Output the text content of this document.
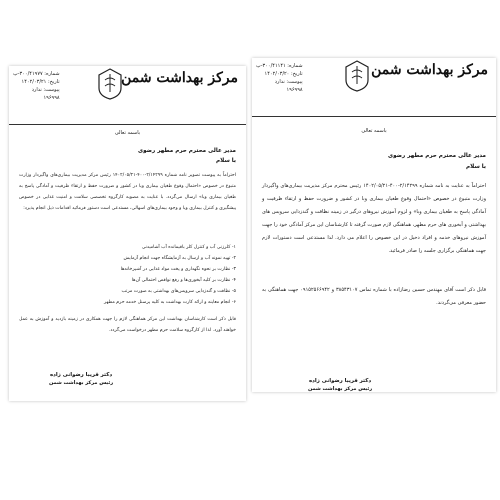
مرکز بهداشت شمن
شماره: ۳۰۰/۴۱۱۴۱-پ
تاریخ: ۱۴۰۲/۰۳/۲۰
پیوست: ندارد
۱۹۶۹۹۸
باسمه تعالی
مدیر عالی محترم حرم مطهر رضوی
با سلام
احتراماً به عنایت به نامه شماره ۲/۱۴۲۹۹-۴۰۰-۱۴۰۲/۰۵/۲۱ رئیس محترم مرکز مدیریت بیماری‌های واگیردار وزارت متبوع در خصوص «احتمال وقوع طغیان بیماری وبا در کشور و ضرورت حفظ و ارتقاء ظرفیت و آمادگی پاسخ به طغیان بیماری وبا» و لزوم آموزش نیروهای درگیر در زمینه نظافت و گندزدایی سرویس های بهداشتی و آبخوری های حرم مطهر، هماهنگی لازم صورت گرفته تا کارشناسان این مرکز آمادگی خود را جهت آموزش نیروهای خدمه و افراد دخیل در این خصوص را اعلام می دارد. لذا مستدعی است دستورات لازم جهت هماهنگی برگزاری جلسه را صادر فرمائید.
قابل ذکر است آقای مهندس حسین رضازاده با شماره تماس ۳۸۵۴۳۱۰۷ و ۰۹۱۵۲۵۶۶۹۴۲ جهت هماهنگی به حضور معرفی می‌گردند.
دکتر فریبا رضوانی زاده
رئیس مرکز بهداشت شمن
مرکز بهداشت شمن
شماره: ۳۰۰/۴۱۹۷۷-پ
تاریخ: ۱۴۰۲/۰۳/۲۱
پیوست: ندارد
۱۹۶۹۹۸
باسمه تعالی
مدیر عالی محترم حرم مطهر رضوی
با سلام
احتراماً به پیوست تصویر نامه شماره ۲/۱۴۲۹۹-۴۰۰-۱۴۰۲/۰۵/۲۱ رئیس مرکز مدیریت بیماری‌های واگیردار وزارت متبوع در خصوص «احتمال وقوع طغیان بیماری وبا در کشور و ضرورت حفظ و ارتقاء ظرفیت و آمادگی پاسخ به طغیان بیماری وبا» ارسال می‌گردد. با عنایت به مصوبه کارگروه تخصصی سلامت و امنیت غذایی در خصوص پیشگیری و کنترل بیماری وبا و وجود بیماری‌های اسهالی، مستدعی است دستور فرمائید اقدامات ذیل انجام پذیرد:
۱- کلرزنی آب و کنترل کلر باقیمانده آب آشامیدنی
۲- تهیه نمونه آب و ارسال به آزمایشگاه جهت انجام آزمایش
۳- نظارت بر نحوه نگهداری و پخت مواد غذایی در آشپزخانه‌ها
۴- نظارت بر کلیه آبخوری‌ها و رفع نواقص احتمالی آن‌ها
۵- نظافت و گندزدایی سرویس‌های بهداشتی به صورت مرتب
۶- انجام معاینه و ارائه کارت بهداشت به کلیه پرسنل خدمه حرم مطهر
قابل ذکر است کارشناسان بهداشت این مرکز هماهنگی لازم را جهت همکاری در زمینه بازدید و آموزش به عمل خواهند آورد. لذا از کارگروه سلامت حرم مطهر درخواست می‌گردد.
دکتر فریبا رضوانی زاده
رئیس مرکز بهداشت شمن
